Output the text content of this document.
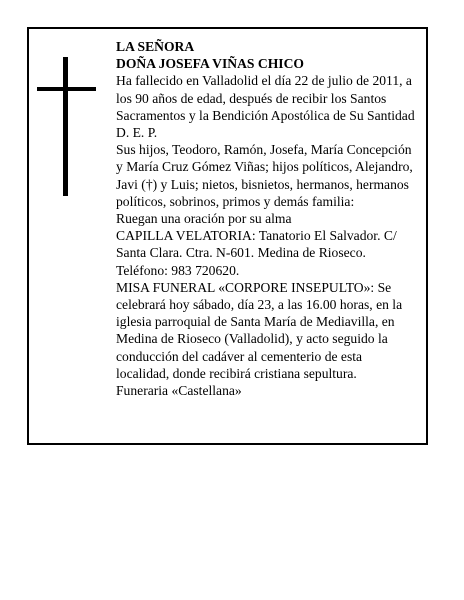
LA SEÑORA

DOÑA JOSEFA VIÑAS CHICO

Ha fallecido en Valladolid el día 22 de julio de 2011, a los 90 años de edad, después de recibir los Santos Sacramentos y la Bendición Apostólica de Su Santidad D. E. P.

Sus hijos, Teodoro, Ramón, Josefa, María Concepción y María Cruz Gómez Viñas; hijos políticos, Alejandro, Javi (†) y Luis; nietos, bisnietos, hermanos, hermanos políticos, sobrinos, primos y demás familia:

Ruegan una oración por su alma

CAPILLA VELATORIA: Tanatorio El Salvador. C/ Santa Clara. Ctra. N-601. Medina de Rioseco.

Teléfono: 983 720620.

MISA FUNERAL «CORPORE INSEPULTO»: Se celebrará hoy sábado, día 23, a las 16.00 horas, en la iglesia parroquial de Santa María de Mediavilla, en Medina de Rioseco (Valladolid), y acto seguido la conducción del cadáver al cementerio de esta localidad, donde recibirá cristiana sepultura.

Funeraria «Castellana»
